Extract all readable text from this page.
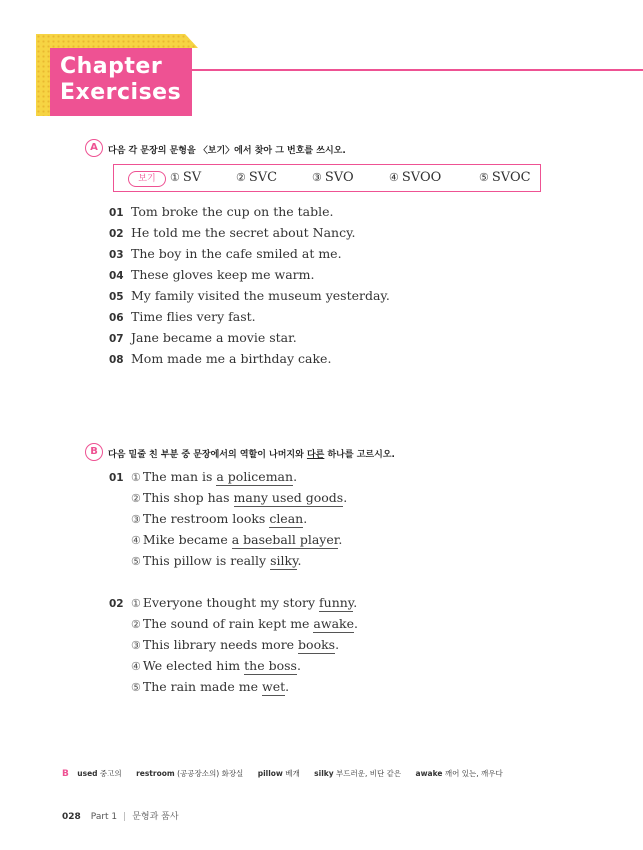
Chapter
Exercises
A	다음 각 문장의 문형을 〈보기〉에서 찾아 그 번호를 쓰시오.
보기	① SV	② SVC	③ SVO	④ SVOO	⑤ SVOC
01 Tom broke the cup on the table.
02 He told me the secret about Nancy.
03 The boy in the cafe smiled at me.
04 These gloves keep me warm.
05 My family visited the museum yesterday.
06 Time flies very fast.
07 Jane became a movie star.
08 Mom made me a birthday cake.
B	다음 밑줄 친 부분 중 문장에서의 역할이 나머지와 다른 하나를 고르시오.
01 ① The man is a policeman.
② This shop has many used goods.
③ The restroom looks clean.
④ Mike became a baseball player.
⑤ This pillow is really silky.
02 ① Everyone thought my story funny.
② The sound of rain kept me awake.
③ This library needs more books.
④ We elected him the boss.
⑤ The rain made me wet.
B used 중고의 restroom (공공장소의) 화장실 pillow 베개 silky 부드러운, 비단 같은 awake 깨어 있는, 깨우다
028 Part 1 | 문형과 품사
